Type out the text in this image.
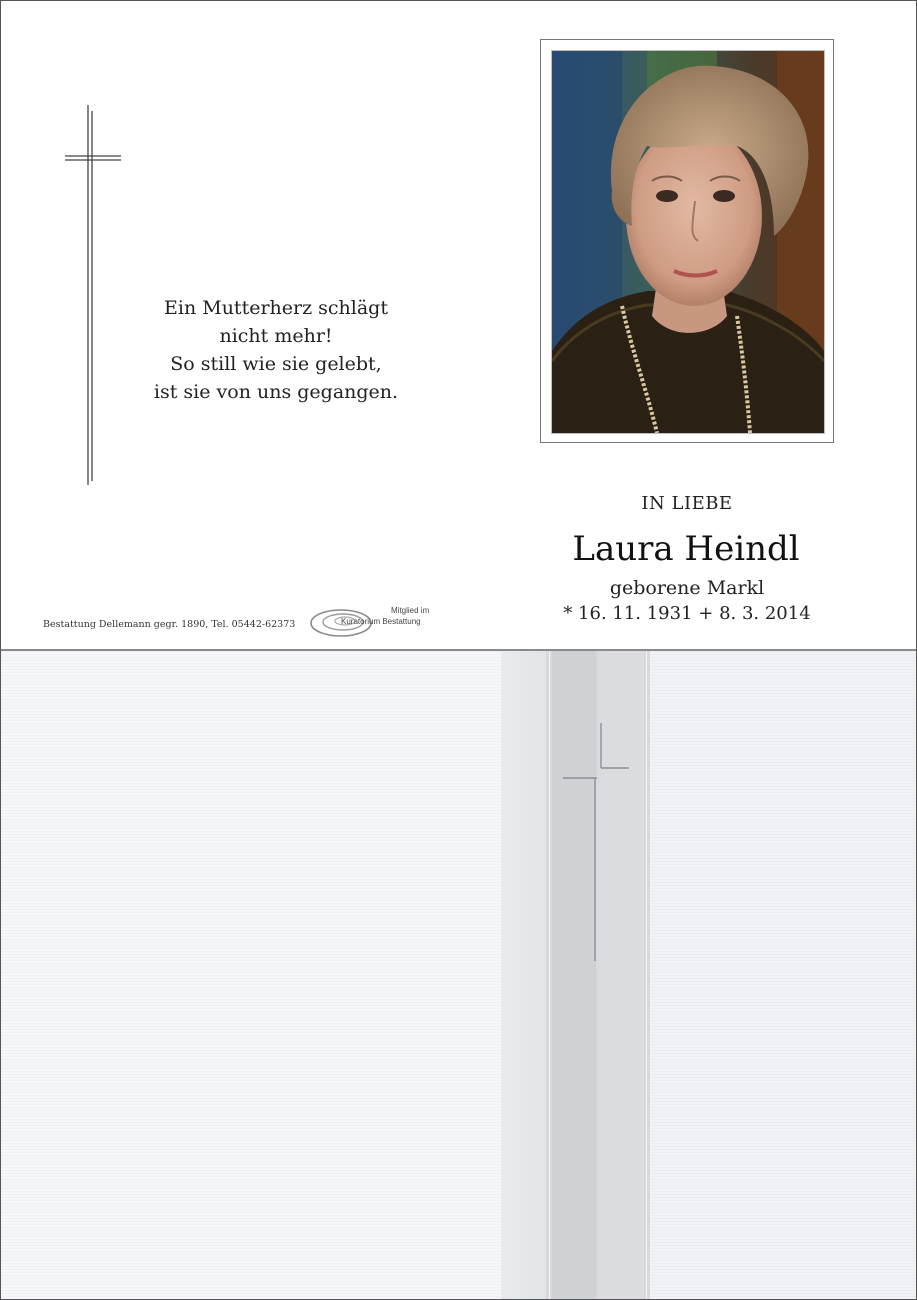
Ein Mutterherz schlägt
nicht mehr!
So still wie sie gelebt,
ist sie von uns gegangen.
IN LIEBE
Laura Heindl
geborene Markl
* 16. 11. 1931 + 8. 3. 2014
Bestattung Dellemann gegr. 1890, Tel. 05442-62373
Mitglied im
Kuratorium Bestattung
